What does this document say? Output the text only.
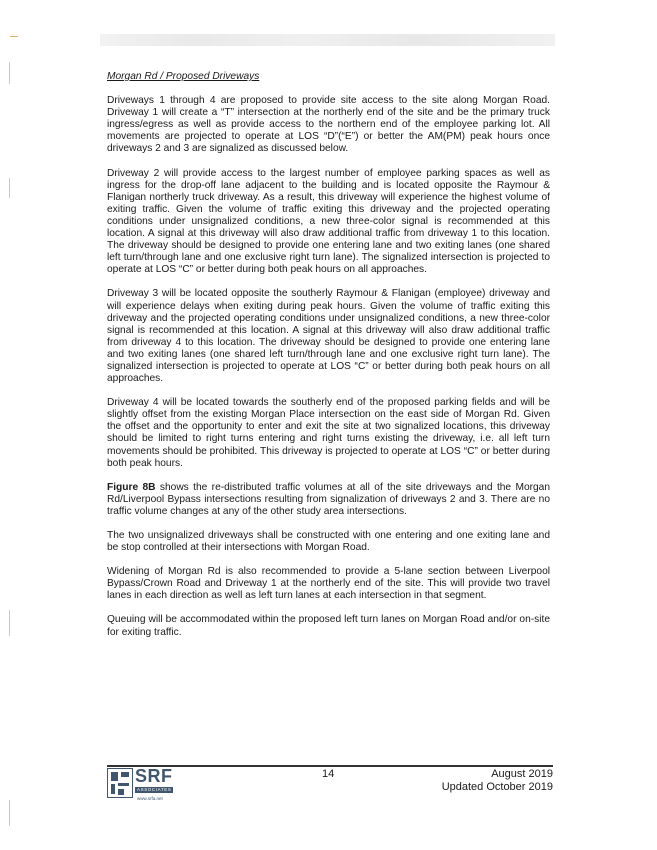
Morgan Rd / Proposed Driveways

Driveways 1 through 4 are proposed to provide site access to the site along Morgan Road. Driveway 1 will create a “T” intersection at the northerly end of the site and be the primary truck ingress/egress as well as provide access to the northern end of the employee parking lot. All movements are projected to operate at LOS “D”(“E”) or better the AM(PM) peak hours once driveways 2 and 3 are signalized as discussed below.

Driveway 2 will provide access to the largest number of employee parking spaces as well as ingress for the drop-off lane adjacent to the building and is located opposite the Raymour & Flanigan northerly truck driveway. As a result, this driveway will experience the highest volume of exiting traffic. Given the volume of traffic exiting this driveway and the projected operating conditions under unsignalized conditions, a new three-color signal is recommended at this location. A signal at this driveway will also draw additional traffic from driveway 1 to this location. The driveway should be designed to provide one entering lane and two exiting lanes (one shared left turn/through lane and one exclusive right turn lane). The signalized intersection is projected to operate at LOS “C” or better during both peak hours on all approaches.

Driveway 3 will be located opposite the southerly Raymour & Flanigan (employee) driveway and will experience delays when exiting during peak hours. Given the volume of traffic exiting this driveway and the projected operating conditions under unsignalized conditions, a new three-color signal is recommended at this location. A signal at this driveway will also draw additional traffic from driveway 4 to this location. The driveway should be designed to provide one entering lane and two exiting lanes (one shared left turn/through lane and one exclusive right turn lane). The signalized intersection is projected to operate at LOS “C” or better during both peak hours on all approaches.

Driveway 4 will be located towards the southerly end of the proposed parking fields and will be slightly offset from the existing Morgan Place intersection on the east side of Morgan Rd. Given the offset and the opportunity to enter and exit the site at two signalized locations, this driveway should be limited to right turns entering and right turns existing the driveway, i.e. all left turn movements should be prohibited. This driveway is projected to operate at LOS “C” or better during both peak hours.

Figure 8B shows the re-distributed traffic volumes at all of the site driveways and the Morgan Rd/Liverpool Bypass intersections resulting from signalization of driveways 2 and 3. There are no traffic volume changes at any of the other study area intersections.

The two unsignalized driveways shall be constructed with one entering and one exiting lane and be stop controlled at their intersections with Morgan Road.

Widening of Morgan Rd is also recommended to provide a 5-lane section between Liverpool Bypass/Crown Road and Driveway 1 at the northerly end of the site. This will provide two travel lanes in each direction as well as left turn lanes at each intersection in that segment.

Queuing will be accommodated within the proposed left turn lanes on Morgan Road and/or on-site for exiting traffic.

SRF
ASSOCIATES
www.srfa.net
14	August 2019
Updated October 2019
